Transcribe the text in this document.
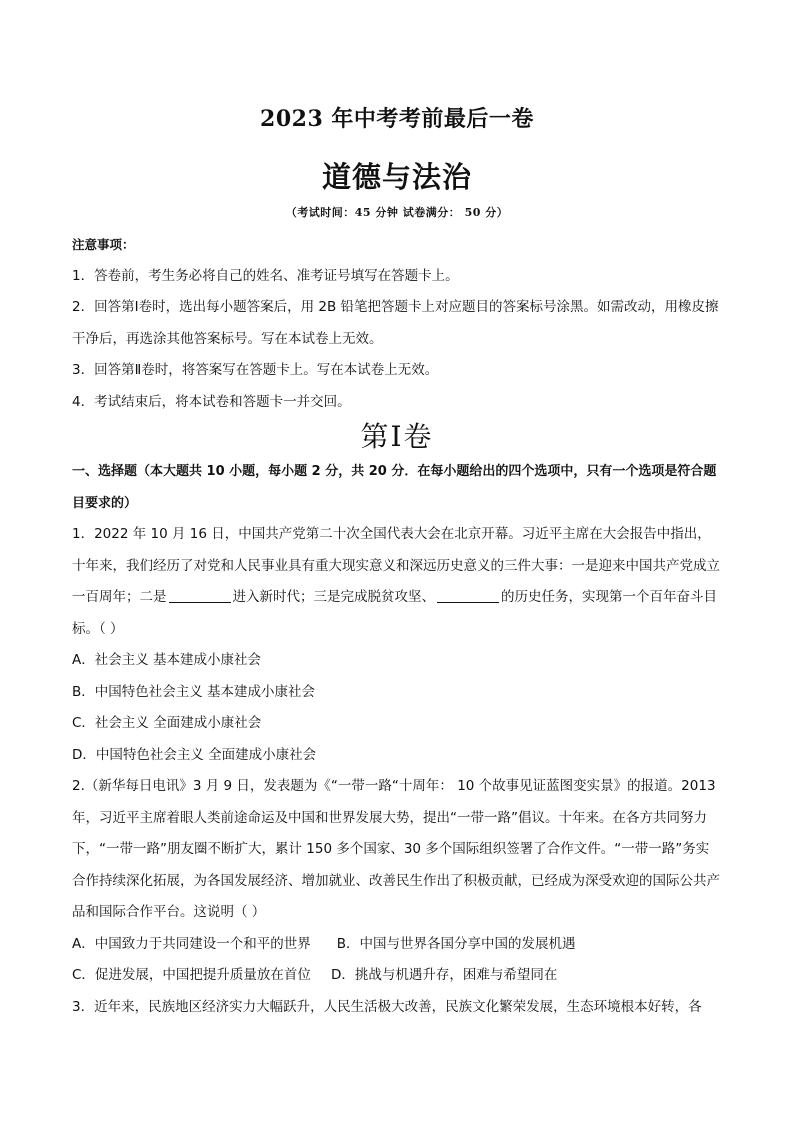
2023 年中考考前最后一卷
道德与法治
（考试时间：45 分钟 试卷满分： 50 分）

注意事项：

1．答卷前，考生务必将自己的姓名、准考证号填写在答题卡上。

2．回答第Ⅰ卷时，选出每小题答案后，用 2B 铅笔把答题卡上对应题目的答案标号涂黑。如需改动，用橡皮擦干净后，再选涂其他答案标号。写在本试卷上无效。

3．回答第Ⅱ卷时，将答案写在答题卡上。写在本试卷上无效。

4．考试结束后，将本试卷和答题卡一并交回。

第Ⅰ卷

一、选择题（本大题共 10 小题，每小题 2 分，共 20 分．在每小题给出的四个选项中，只有一个选项是符合题目要求的）

1．2022 年 10 月 16 日，中国共产党第二十次全国代表大会在北京开幕。习近平主席在大会报告中指出，十年来，我们经历了对党和人民事业具有重大现实意义和深远历史意义的三件大事：一是迎来中国共产党成立一百周年；二是	进入新时代；三是完成脱贫攻坚、	的历史任务，实现第一个百年奋斗目标。（ ）

A．社会主义 基本建成小康社会

B．中国特色社会主义 基本建成小康社会

C．社会主义 全面建成小康社会

D．中国特色社会主义 全面建成小康社会

2.（新华每日电讯》3 月 9 日，发表题为《“一带一路“十周年： 10 个故事见证蓝图变实景》的报道。2013 年，习近平主席着眼人类前途命运及中国和世界发展大势，提出“一带一路”倡议。十年来。在各方共同努力下，“一带一路”朋友圈不断扩大，累计 150 多个国家、30 多个国际组织签署了合作文件。“一带一路”务实合作持续深化拓展，为各国发展经济、增加就业、改善民生作出了积极贡献，已经成为深受欢迎的国际公共产品和国际合作平台。这说明（ ）

A．中国致力于共同建设一个和平的世界 B．中国与世界各国分享中国的发展机遇

C．促进发展，中国把提升质量放在首位 D．挑战与机遇升存，困难与希望同在

3．近年来，民族地区经济实力大幅跃升，人民生活极大改善，民族文化繁荣发展，生态环境根本好转，各
